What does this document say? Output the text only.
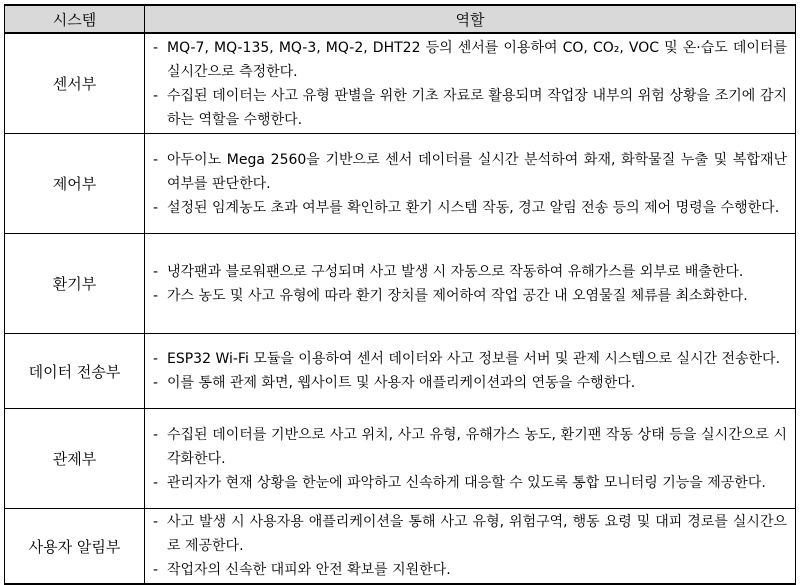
시스템	역할
센서부	- MQ-7, MQ-135, MQ-3, MQ-2, DHT22 등의 센서를 이용하여 CO, CO₂, VOC 및 온·습도 데이터를 실시간으로 측정한다.
- 수집된 데이터는 사고 유형 판별을 위한 기초 자료로 활용되며 작업장 내부의 위험 상황을 조기에 감지하는 역할을 수행한다.

제어부	- 아두이노 Mega 2560을 기반으로 센서 데이터를 실시간 분석하여 화재, 화학물질 누출 및 복합재난 여부를 판단한다.
- 설정된 임계농도 초과 여부를 확인하고 환기 시스템 작동, 경고 알림 전송 등의 제어 명령을 수행한다.

환기부	- 냉각팬과 블로워팬으로 구성되며 사고 발생 시 자동으로 작동하여 유해가스를 외부로 배출한다.
- 가스 농도 및 사고 유형에 따라 환기 장치를 제어하여 작업 공간 내 오염물질 체류를 최소화한다.

데이터 전송부	- ESP32 Wi-Fi 모듈을 이용하여 센서 데이터와 사고 정보를 서버 및 관제 시스템으로 실시간 전송한다.
- 이를 통해 관제 화면, 웹사이트 및 사용자 애플리케이션과의 연동을 수행한다.

관제부	- 수집된 데이터를 기반으로 사고 위치, 사고 유형, 유해가스 농도, 환기팬 작동 상태 등을 실시간으로 시각화한다.
- 관리자가 현재 상황을 한눈에 파악하고 신속하게 대응할 수 있도록 통합 모니터링 기능을 제공한다.

사용자 알림부	- 사고 발생 시 사용자용 애플리케이션을 통해 사고 유형, 위험구역, 행동 요령 및 대피 경로를 실시간으로 제공한다.
- 작업자의 신속한 대피와 안전 확보를 지원한다.
